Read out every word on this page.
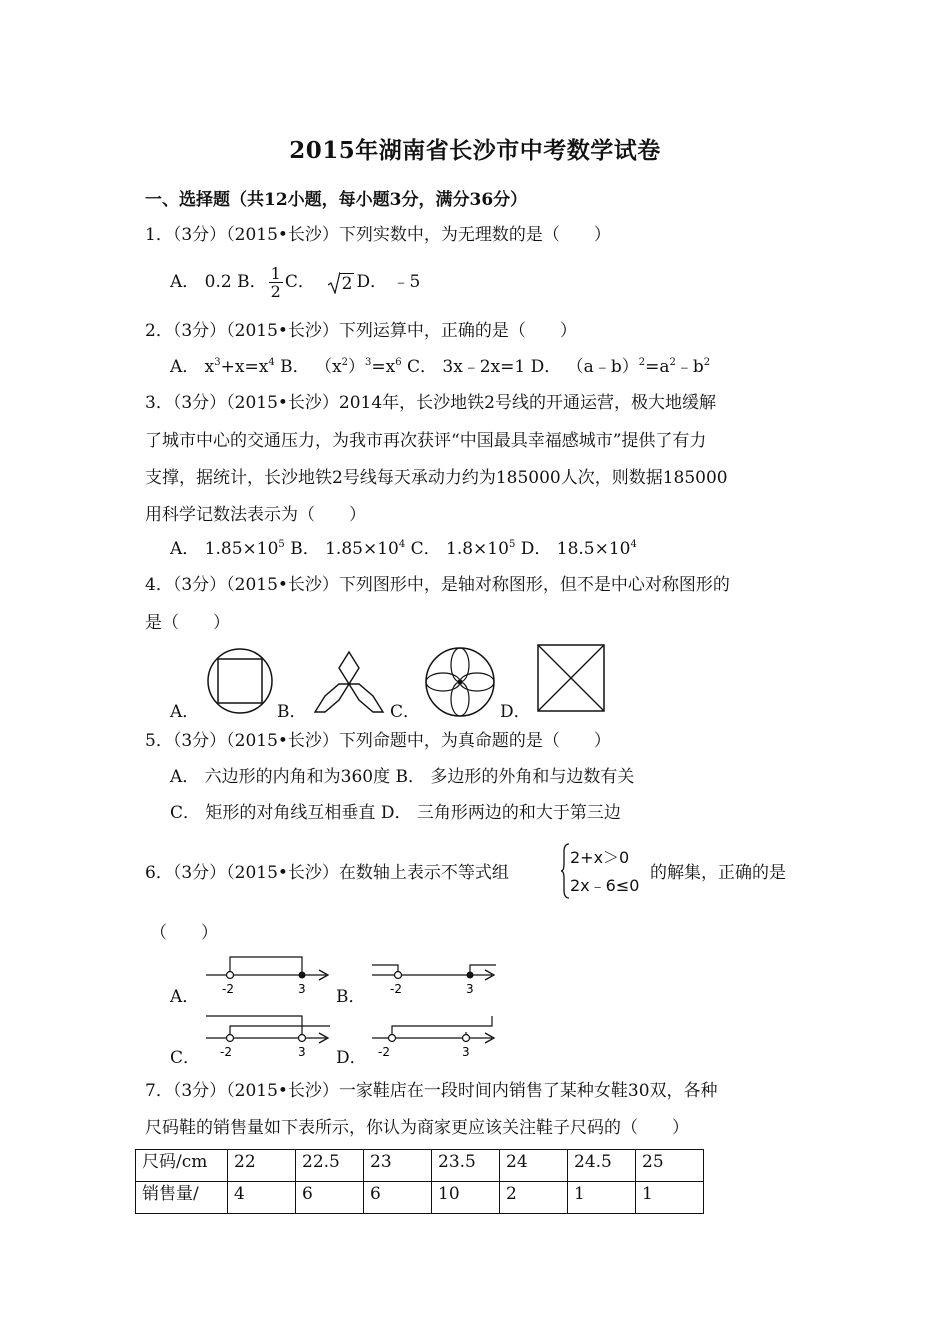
2015年湖南省长沙市中考数学试卷
一、选择题（共12小题，每小题3分，满分36分）
1．（3分）（2015•长沙）下列实数中，为无理数的是（　　）
A． 0.2 B． $\frac{1}{2}$ C． 2 D． ﹣5
2．（3分）（2015•长沙）下列运算中，正确的是（　　）
A． $x^3+x=x^4$ B． $(x^2)^3=x^6$ C． 3x﹣2x=1 D． $(a﹣b)^2=a^2﹣b^2$
3．（3分）（2015•长沙）2014年，长沙地铁2号线的开通运营，极大地缓解
了城市中心的交通压力，为我市再次获评“中国最具幸福感城市”提供了有力
支撑，据统计，长沙地铁2号线每天承动力约为185000人次，则数据185000
用科学记数法表示为（　　）
A． $1.85\times 10^5$ B． $1.85\times 10^4$ C． $1.8\times 10^5$ D． $18.5\times 10^4$
4．（3分）（2015•长沙）下列图形中，是轴对称图形，但不是中心对称图形的
是（　　）
A．	B．	C．	D．
5．（3分）（2015•长沙）下列命题中，为真命题的是（　　）
A． 六边形的内角和为360度 B． 多边形的外角和与边数有关
C． 矩形的对角线互相垂直 D． 三角形两边的和大于第三边
6．（3分）（2015•长沙）在数轴上表示不等式组
2+x＞0
2x﹣6≤0
的解集，正确的是
（　　）
A． -2	3 B． -2	3
C． -2	3 D． -2	3
7．（3分）（2015•长沙）一家鞋店在一段时间内销售了某种女鞋30双，各种
尺码鞋的销售量如下表所示，你认为商家更应该关注鞋子尺码的（　　）
尺码/cm	22	22.5	23	23.5	24	24.5	25
销售量/	4	6	6	10	2	1	1
